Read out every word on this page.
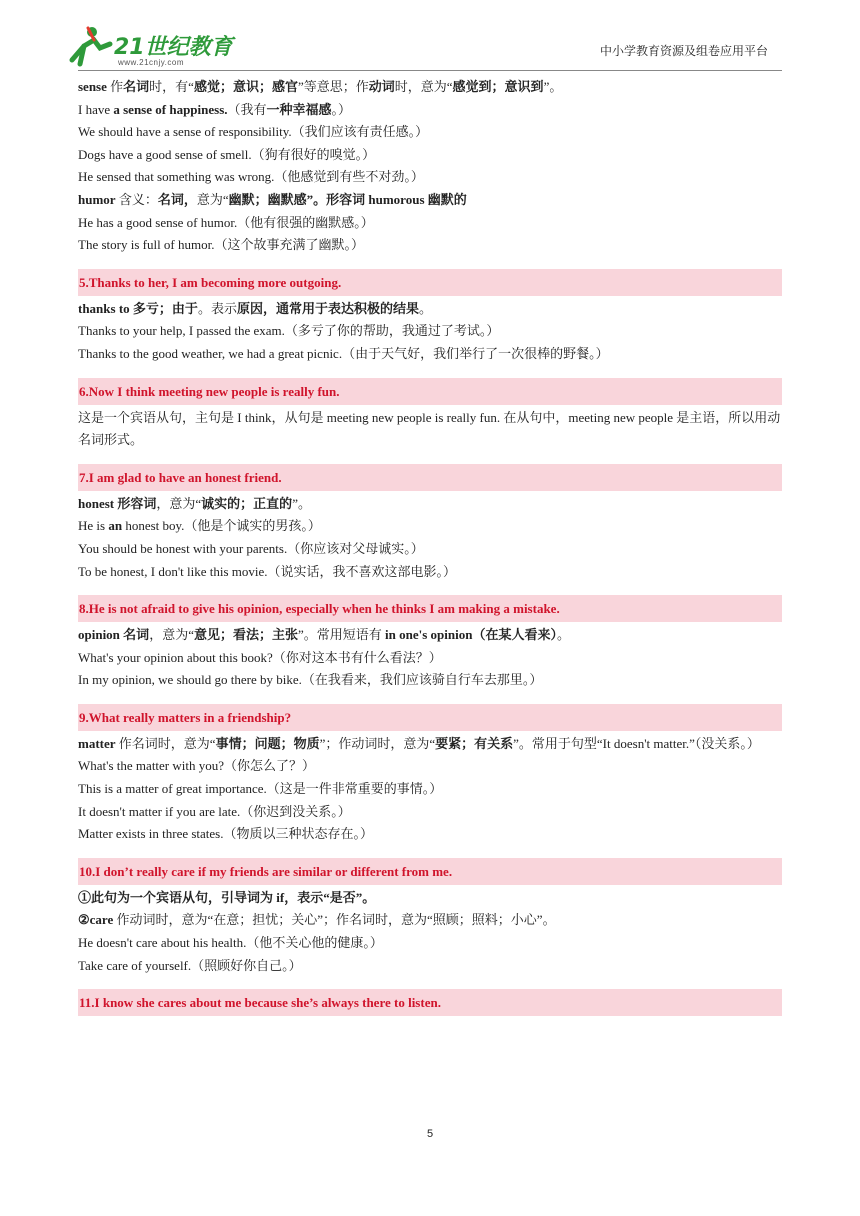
21世纪教育
www.21cnjy.com
中小学教育资源及组卷应用平台
sense 作名词时，有“感觉；意识；感官”等意思；作动词时，意为“感觉到；意识到”。
I have a sense of happiness.（我有一种幸福感。）
We should have a sense of responsibility.（我们应该有责任感。）
Dogs have a good sense of smell.（狗有很好的嗅觉。）
He sensed that something was wrong.（他感觉到有些不对劲。）
humor 含义：名词，意为“幽默；幽默感”。形容词 humorous 幽默的
He has a good sense of humor.（他有很强的幽默感。）
The story is full of humor.（这个故事充满了幽默。）
5.Thanks to her, I am becoming more outgoing.
thanks to 多亏；由于。表示原因，通常用于表达积极的结果。
Thanks to your help, I passed the exam.（多亏了你的帮助，我通过了考试。）
Thanks to the good weather, we had a great picnic.（由于天气好，我们举行了一次很棒的野餐。）
6.Now I think meeting new people is really fun.
这是一个宾语从句，主句是 I think，从句是 meeting new people is really fun. 在从句中，meeting new people 是主语，所以用动名词形式。
7.I am glad to have an honest friend.
honest 形容词，意为“诚实的；正直的”。
He is an honest boy.（他是个诚实的男孩。）
You should be honest with your parents.（你应该对父母诚实。）
To be honest, I don't like this movie.（说实话，我不喜欢这部电影。）
8.He is not afraid to give his opinion, especially when he thinks I am making a mistake.
opinion 名词，意为“意见；看法；主张”。常用短语有 in one's opinion（在某人看来）。
What's your opinion about this book?（你对这本书有什么看法？）
In my opinion, we should go there by bike.（在我看来，我们应该骑自行车去那里。）
9.What really matters in a friendship?
matter 作名词时，意为“事情；问题；物质”；作动词时，意为“要紧；有关系”。常用于句型“It doesn't matter.”（没关系。）
What's the matter with you?（你怎么了？）
This is a matter of great importance.（这是一件非常重要的事情。）
It doesn't matter if you are late.（你迟到没关系。）
Matter exists in three states.（物质以三种状态存在。）
10.I don’t really care if my friends are similar or different from me.
①此句为一个宾语从句，引导词为 if，表示“是否”。
②care 作动词时，意为“在意；担忧；关心”；作名词时，意为“照顾；照料；小心”。
He doesn't care about his health.（他不关心他的健康。）
Take care of yourself.（照顾好你自己。）
11.I know she cares about me because she’s always there to listen.
5
